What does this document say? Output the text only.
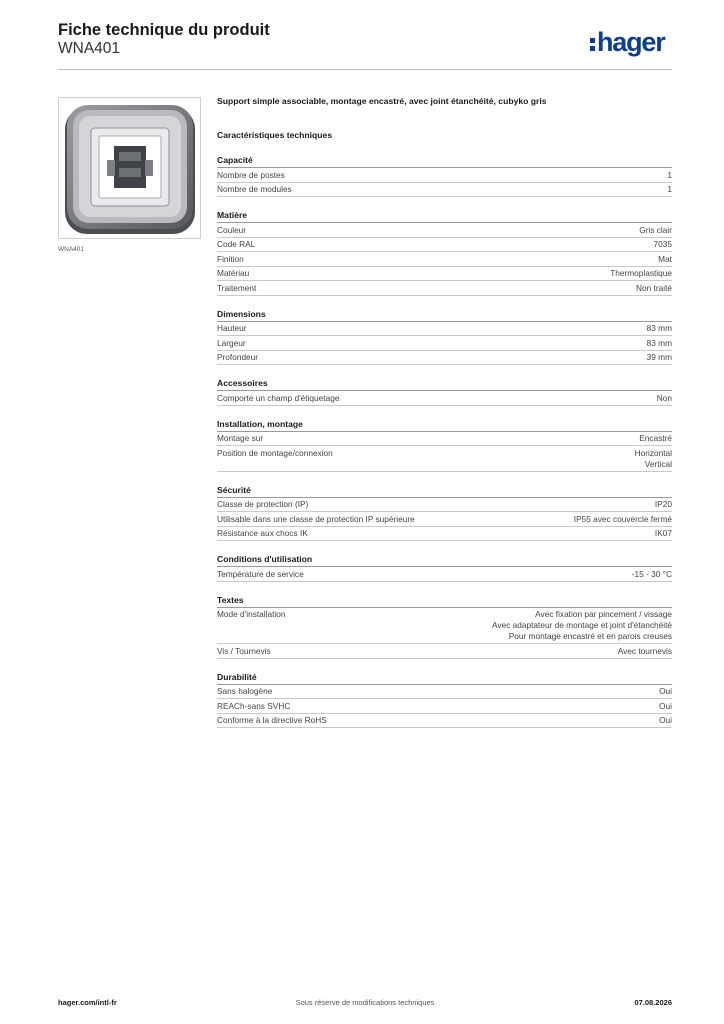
Fiche technique du produit
WNA401	hager
WNA401
Support simple associable, montage encastré, avec joint étanchéité, cubyko gris
Caractéristiques techniques
Capacité
Nombre de postes	1
Nombre de modules	1
Matière
Couleur	Gris clair
Code RAL	7035
Finition	Mat
Matériau	Thermoplastique
Traitement	Non traité
Dimensions
Hauteur	83 mm
Largeur	83 mm
Profondeur	39 mm
Accessoires
Comporte un champ d'étiquetage	Non
Installation, montage
Montage sur	Encastré
Position de montage/connexion	Horizontal
Vertical
Sécurité
Classe de protection (IP)	IP20
Utilisable dans une classe de protection IP supérieure	IP55 avec couvercle fermé
Résistance aux chocs IK	IK07
Conditions d'utilisation
Température de service	-15 - 30 °C
Textes
Mode d'installation	Avec fixation par pincement / vissage
Avec adaptateur de montage et joint d'étanchéité
Pour montage encastré et en parois creuses
Vis / Tournevis	Avec tournevis
Durabilité
Sans halogène	Oui
REACh-sans SVHC	Oui
Conforme à la directive RoHS	Oui
Sous réserve de modifications techniques
hager.com/intl-fr	07.08.2026
